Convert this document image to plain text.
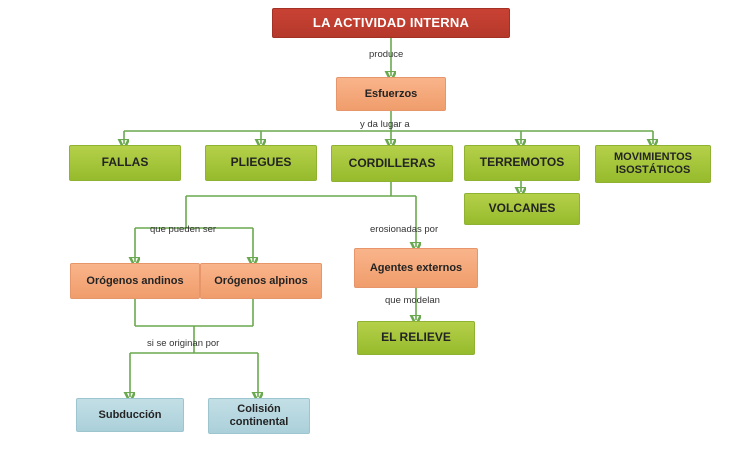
LA ACTIVIDAD INTERNA
produce
Esfuerzos
y da lugar a
FALLAS	PLIEGUES	CORDILLERAS	TERREMOTOS	MOVIMIENTOS ISOSTÁTICOS
VOLCANES
que pueden ser	erosionadas por
Orógenos andinos	Orógenos alpinos
Agentes externos
que modelan
EL RELIEVE
si se originan por
Subducción	Colisión continental
